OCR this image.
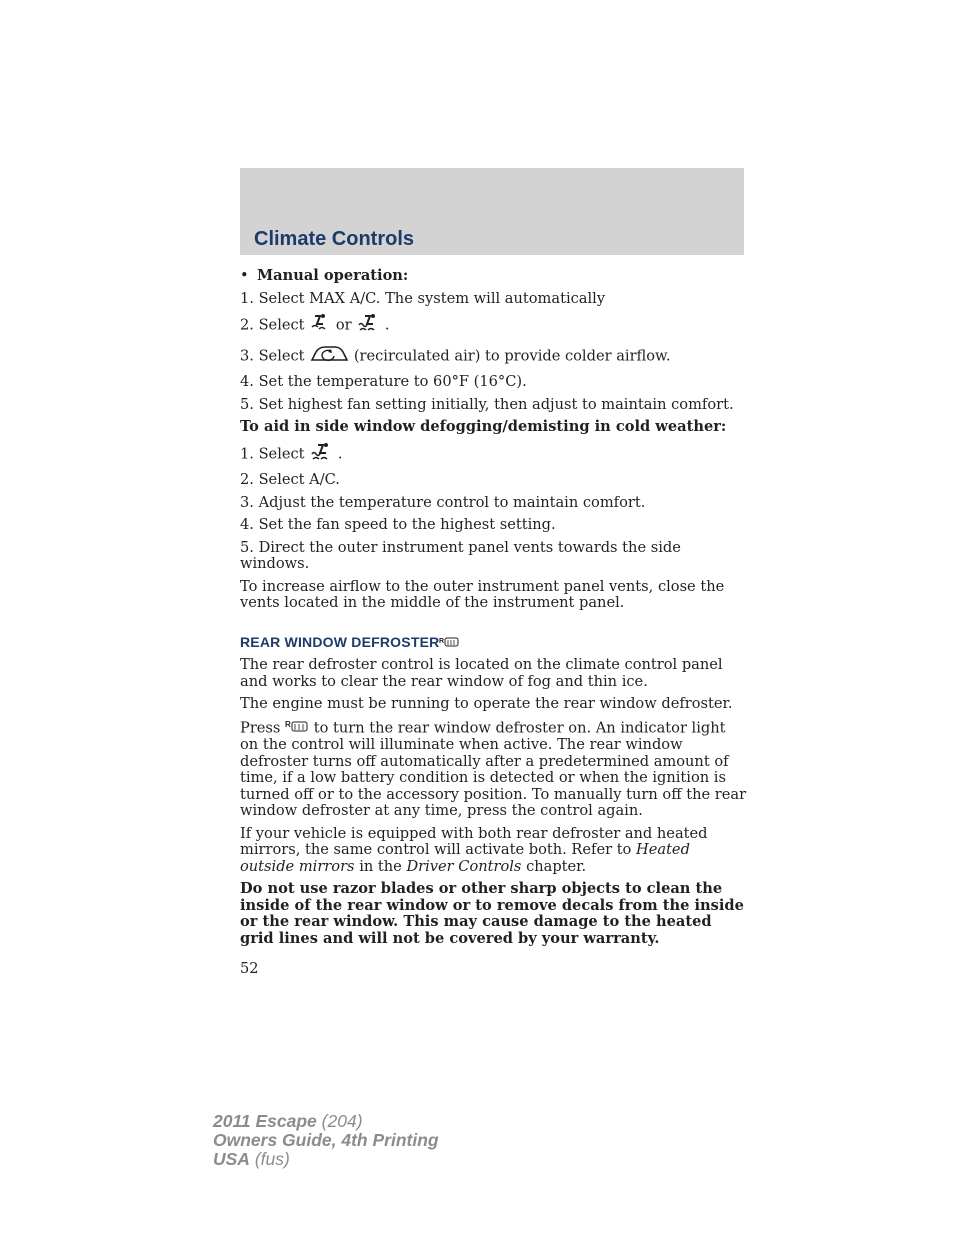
Climate Controls

• Manual operation:

1. Select MAX A/C. The system will automatically

2. Select or .

3. Select	(recirculated air) to provide colder airflow.

4. Set the temperature to 60°F (16°C).

5. Set highest fan setting initially, then adjust to maintain comfort.

To aid in side window defogging/demisting in cold weather:

1. Select .

2. Select A/C.

3. Adjust the temperature control to maintain comfort.

4. Set the fan speed to the highest setting.

5. Direct the outer instrument panel vents towards the side windows.

To increase airflow to the outer instrument panel vents, close the vents located in the middle of the instrument panel.

REAR WINDOW DEFROSTER R

The rear defroster control is located on the climate control panel and works to clear the rear window of fog and thin ice.

The engine must be running to operate the rear window defroster.

Press R to turn the rear window defroster on. An indicator light on the control will illuminate when active. The rear window defroster turns off automatically after a predetermined amount of time, if a low battery condition is detected or when the ignition is turned off or to the accessory position. To manually turn off the rear window defroster at any time, press the control again.

If your vehicle is equipped with both rear defroster and heated mirrors, the same control will activate both. Refer to Heated outside mirrors in the Driver Controls chapter.

Do not use razor blades or other sharp objects to clean the inside of the rear window or to remove decals from the inside or the rear window. This may cause damage to the heated grid lines and will not be covered by your warranty.

52
2011 Escape (204)
Owners Guide, 4th Printing
USA (fus)
